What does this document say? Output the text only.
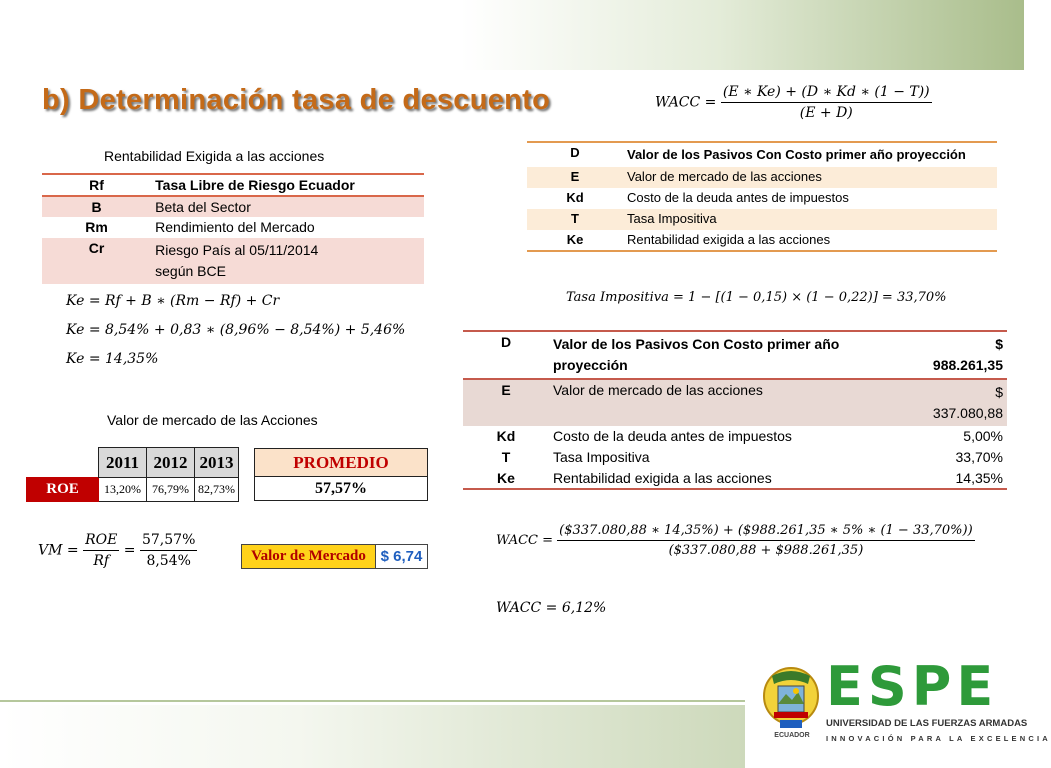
b) Determinación tasa de descuento	WACC = $\frac{(E ∗ Ke) + (D ∗ Kd ∗ (1 - T))}{(E + D)}$
Rentabilidad Exigida a las acciones
Rf	Tasa Libre de Riesgo Ecuador
B	Beta del Sector
Rm	Rendimiento del Mercado
Cr	Riesgo País al 05/11/2014 según BCE
Ke = Rf + B ∗ (Rm − Rf) + Cr
Ke = 8,54% + 0,83 ∗ (8,96% − 8,54%) + 5,46%
Ke = 14,35%
Valor de mercado de las Acciones
	2011	2012	2013
ROE	13,20%	76,79%	82,73%
PROMEDIO
57,57%
VM = $\frac{\text{ROE}}{Rf} = \frac{57,57\%}{8,54\%}$	Valor de Mercado $ 6,74
D	Valor de los Pasivos Con Costo primer año proyección
E	Valor de mercado de las acciones
Kd	Costo de la deuda antes de impuestos
T	Tasa Impositiva
Ke	Rentabilidad exigida a las acciones
Tasa Impositiva = 1 − [(1 − 0,15) × (1 − 0,22)] = 33,70%
D	Valor de los Pasivos Con Costo primer año proyección	$
988.261,35

E	Valor de mercado de las acciones	$
337.080,88

Kd	Costo de la deuda antes de impuestos	5,00%
T	Tasa Impositiva	33,70%
Ke	Rentabilidad exigida a las acciones	14,35%
WACC = $\frac{(\$337.080,88 ∗ 14,35\%) + (\$988.261,35 ∗ 5\% ∗ (1 - 33,70\%))}{(\$337.080,88 + \$988.261,35)}$
WACC = 6,12%
ECUADOR
ESPE
UNIVERSIDAD DE LAS FUERZAS ARMADAS
INNOVACIÓN PARA LA EXCELENCIA
